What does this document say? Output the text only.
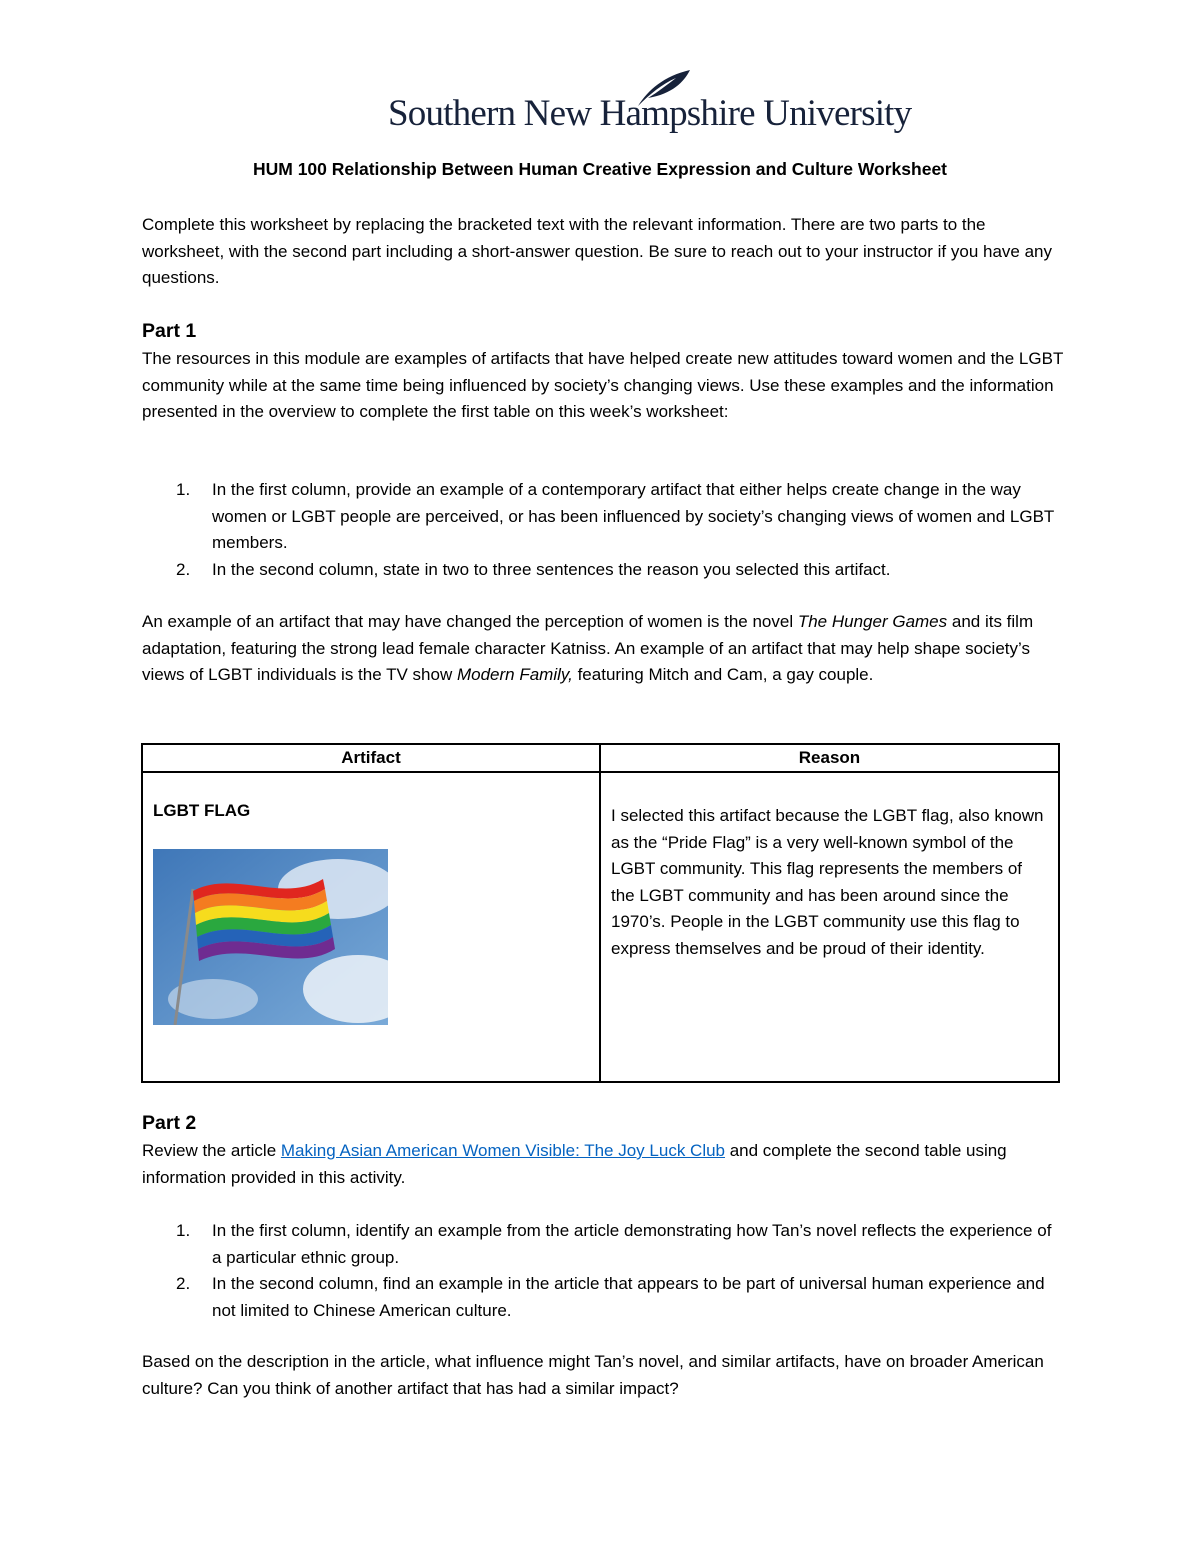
Southern New Hampshire University
HUM 100 Relationship Between Human Creative Expression and Culture Worksheet

Complete this worksheet by replacing the bracketed text with the relevant information. There are two parts to the worksheet, with the second part including a short-answer question. Be sure to reach out to your instructor if you have any questions.

Part 1

The resources in this module are examples of artifacts that have helped create new attitudes toward women and the LGBT community while at the same time being influenced by society’s changing views. Use these examples and the information presented in the overview to complete the first table on this week’s worksheet:

1. In the first column, provide an example of a contemporary artifact that either helps create change in the way women or LGBT people are perceived, or has been influenced by society’s changing views of women and LGBT members.
2. In the second column, state in two to three sentences the reason you selected this artifact.

An example of an artifact that may have changed the perception of women is the novel The Hunger Games and its film adaptation, featuring the strong lead female character Katniss. An example of an artifact that may help shape society’s views of LGBT individuals is the TV show Modern Family, featuring Mitch and Cam, a gay couple.

Artifact	Reason

LGBT FLAG	I selected this artifact because the LGBT flag, also known as the “Pride Flag” is a very well-known symbol of the LGBT community. This flag represents the members of the LGBT community and has been around since the 1970’s. People in the LGBT community use this flag to express themselves and be proud of their identity.
Part 2

Review the article Making Asian American Women Visible: The Joy Luck Club and complete the second table using information provided in this activity.

1. In the first column, identify an example from the article demonstrating how Tan’s novel reflects the experience of a particular ethnic group.
2. In the second column, find an example in the article that appears to be part of universal human experience and not limited to Chinese American culture.

Based on the description in the article, what influence might Tan’s novel, and similar artifacts, have on broader American culture? Can you think of another artifact that has had a similar impact?
